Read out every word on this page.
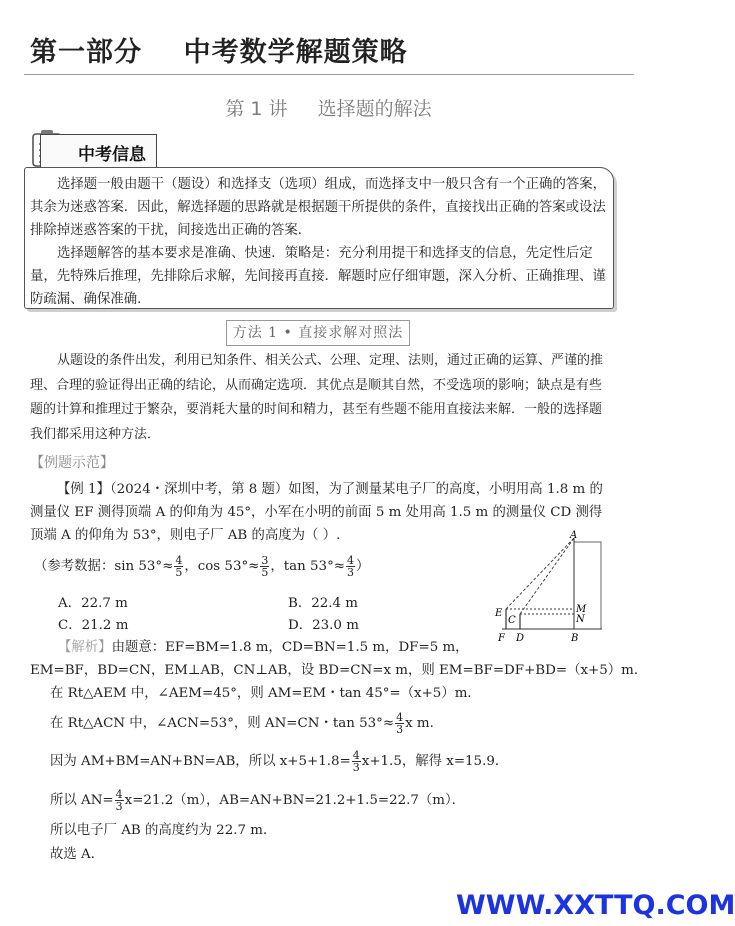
第一部分    中考数学解题策略
第 1 讲     选择题的解法
中考信息
选择题一般由题干（题设）和选择支（选项）组成，而选择支中一般只含有一个正确的答案，其余为迷惑答案．因此，解选择题的思路就是根据题干所提供的条件，直接找出正确的答案或设法排除掉迷惑答案的干扰，间接选出正确的答案．
选择题解答的基本要求是准确、快速．策略是：充分利用提干和选择支的信息，先定性后定量，先特殊后推理，先排除后求解，先间接再直接．解题时应仔细审题，深入分析、正确推理、谨防疏漏、确保准确．
方法 1 • 直接求解对照法
从题设的条件出发，利用已知条件、相关公式、公理、定理、法则，通过正确的运算、严谨的推理、合理的验证得出正确的结论，从而确定选项．其优点是顺其自然，不受选项的影响；缺点是有些题的计算和推理过于繁杂，要消耗大量的时间和精力，甚至有些题不能用直接法来解．一般的选择题我们都采用这种方法．
【例题示范】
【例 1】（2024・深圳中考，第 8 题）如图，为了测量某电子厂的高度，小明用高 1.8 m 的测量仪 EF 测得顶端 A 的仰角为 45°，小军在小明的前面 5 m 处用高 1.5 m 的测量仪 CD 测得顶端 A 的仰角为 53°，则电子厂 AB 的高度为（ ）.
（参考数据：$\sin 53^\circ\approx \frac{4}{5}$ ，$\cos 53^\circ\approx \frac{3}{5}$ ，$\tan 53^\circ\approx \frac{4}{3}$ ）
A．22.7 m	B．22.4 m
C．21.2 m	D．23.0 m
A
E	M
N
C
F D	B
【解析】由题意：EF=BM=1.8 m，CD=BN=1.5 m，DF=5 m，
EM=BF，BD=CN，EM⊥AB，CN⊥AB，设 BD=CN=x m，则 EM=BF=DF+BD=（x+5）m．
在 Rt△AEM 中，∠AEM=45°，则 AM=EM・tan 45°=（x+5）m．
在 Rt△ACN 中，∠ACN=53°，则 AN=CN・$\tan 53^\circ\approx \frac{4}{3}$ x m．
因为 AM+BM=AN+BN=AB，所以 $x+5+1.8= \frac{4}{3} x+1.5$，解得 x=15.9．
所以 $AN= \frac{4}{3} x=21.2(m)$，AB=AN+BN=21.2+1.5=22.7（m）．
所以电子厂 AB 的高度约为 22.7 m．
故选 A．
WWW.XXTTQ.COM
